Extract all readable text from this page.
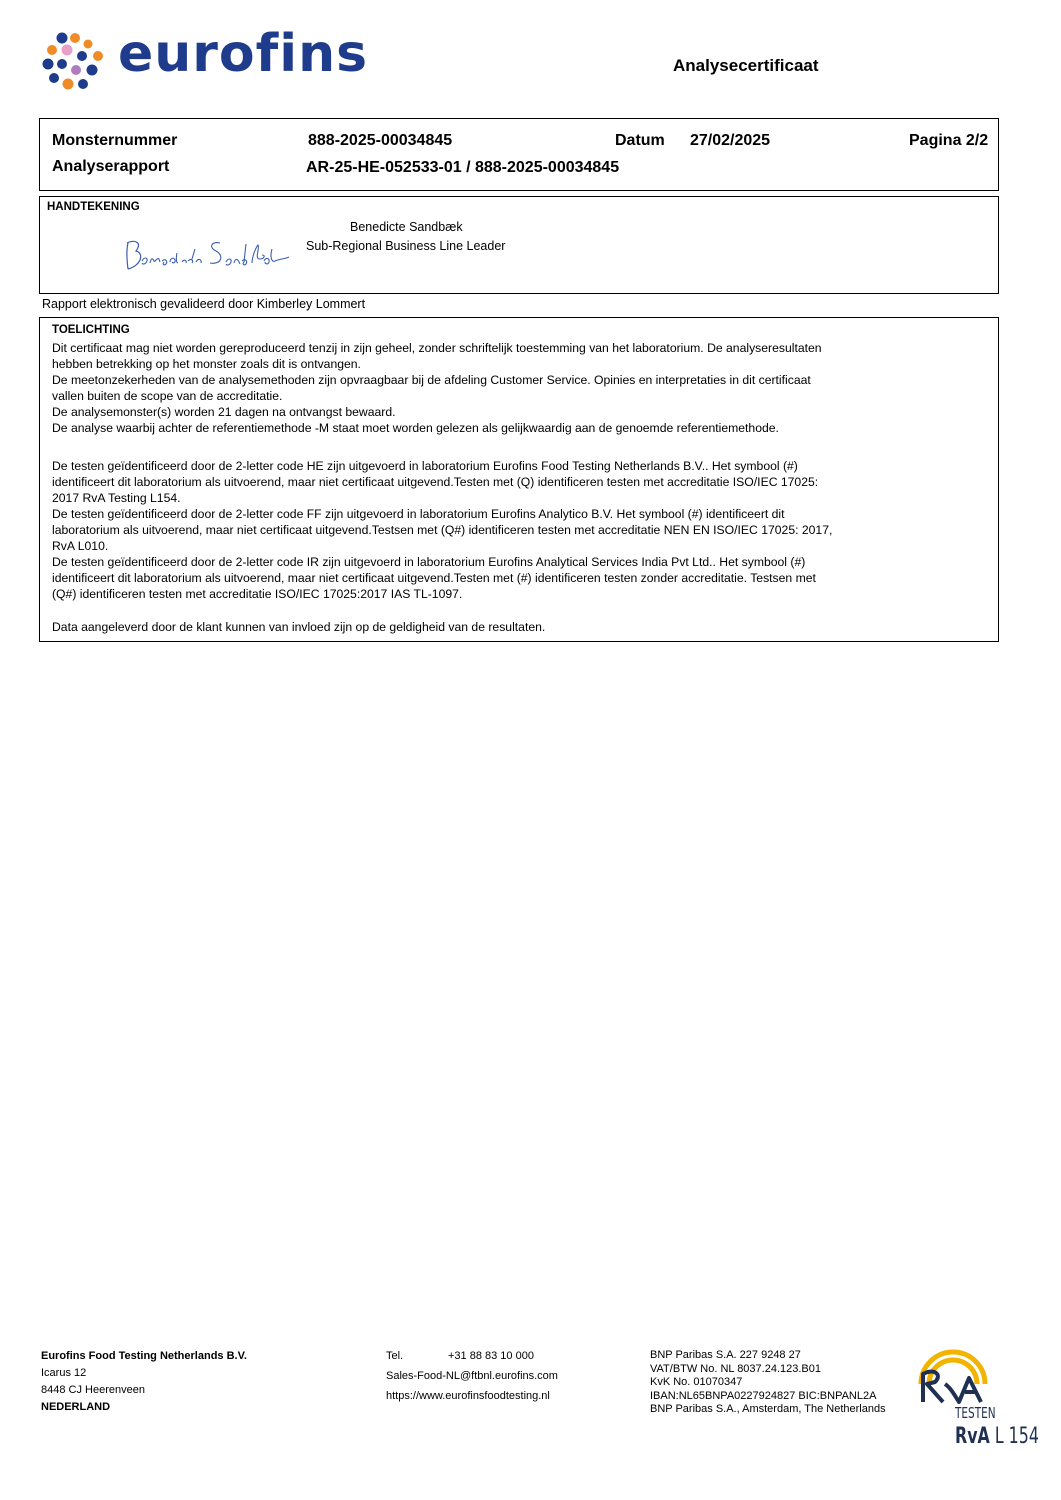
eurofins	Analysecertificaat
Monsternummer	888-2025-00034845	Datum 27/02/2025	Pagina 2/2
Analyserapport	AR-25-HE-052533-01 / 888-2025-00034845
HANDTEKENING
Benedicte Sandbæk
Sub-Regional Business Line Leader
Rapport elektronisch gevalideerd door Kimberley Lommert
TOELICHTING

Dit certificaat mag niet worden gereproduceerd tenzij in zijn geheel, zonder schriftelijk toestemming van het laboratorium. De analyseresultaten

hebben betrekking op het monster zoals dit is ontvangen.

De meetonzekerheden van de analysemethoden zijn opvraagbaar bij de afdeling Customer Service. Opinies en interpretaties in dit certificaat

vallen buiten de scope van de accreditatie.

De analysemonster(s) worden 21 dagen na ontvangst bewaard.

De analyse waarbij achter de referentiemethode -M staat moet worden gelezen als gelijkwaardig aan de genoemde referentiemethode.

De testen geïdentificeerd door de 2-letter code HE zijn uitgevoerd in laboratorium Eurofins Food Testing Netherlands B.V.. Het symbool (#)

identificeert dit laboratorium als uitvoerend, maar niet certificaat uitgevend.Testen met (Q) identificeren testen met accreditatie ISO/IEC 17025:

2017 RvA Testing L154.

De testen geïdentificeerd door de 2-letter code FF zijn uitgevoerd in laboratorium Eurofins Analytico B.V. Het symbool (#) identificeert dit

laboratorium als uitvoerend, maar niet certificaat uitgevend.Testsen met (Q#) identificeren testen met accreditatie NEN EN ISO/IEC 17025: 2017,

RvA L010.

De testen geïdentificeerd door de 2-letter code IR zijn uitgevoerd in laboratorium Eurofins Analytical Services India Pvt Ltd.. Het symbool (#)

identificeert dit laboratorium als uitvoerend, maar niet certificaat uitgevend.Testen met (#) identificeren testen zonder accreditatie. Testsen met

(Q#) identificeren testen met accreditatie ISO/IEC 17025:2017 IAS TL-1097.

Data aangeleverd door de klant kunnen van invloed zijn op de geldigheid van de resultaten.

Eurofins Food Testing Netherlands B.V.
Icarus 12
8448 CJ Heerenveen
NEDERLAND
Tel.	+31 88 83 10 000
Sales-Food-NL@ftbnl.eurofins.com
https://www.eurofinsfoodtesting.nl
BNP Paribas S.A. 227 9248 27
VAT/BTW No. NL 8037.24.123.B01
KvK No. 01070347
IBAN:NL65BNPA0227924827 BIC:BNPANL2A
BNP Paribas S.A., Amsterdam, The Netherlands	TESTEN
RvA L 154
